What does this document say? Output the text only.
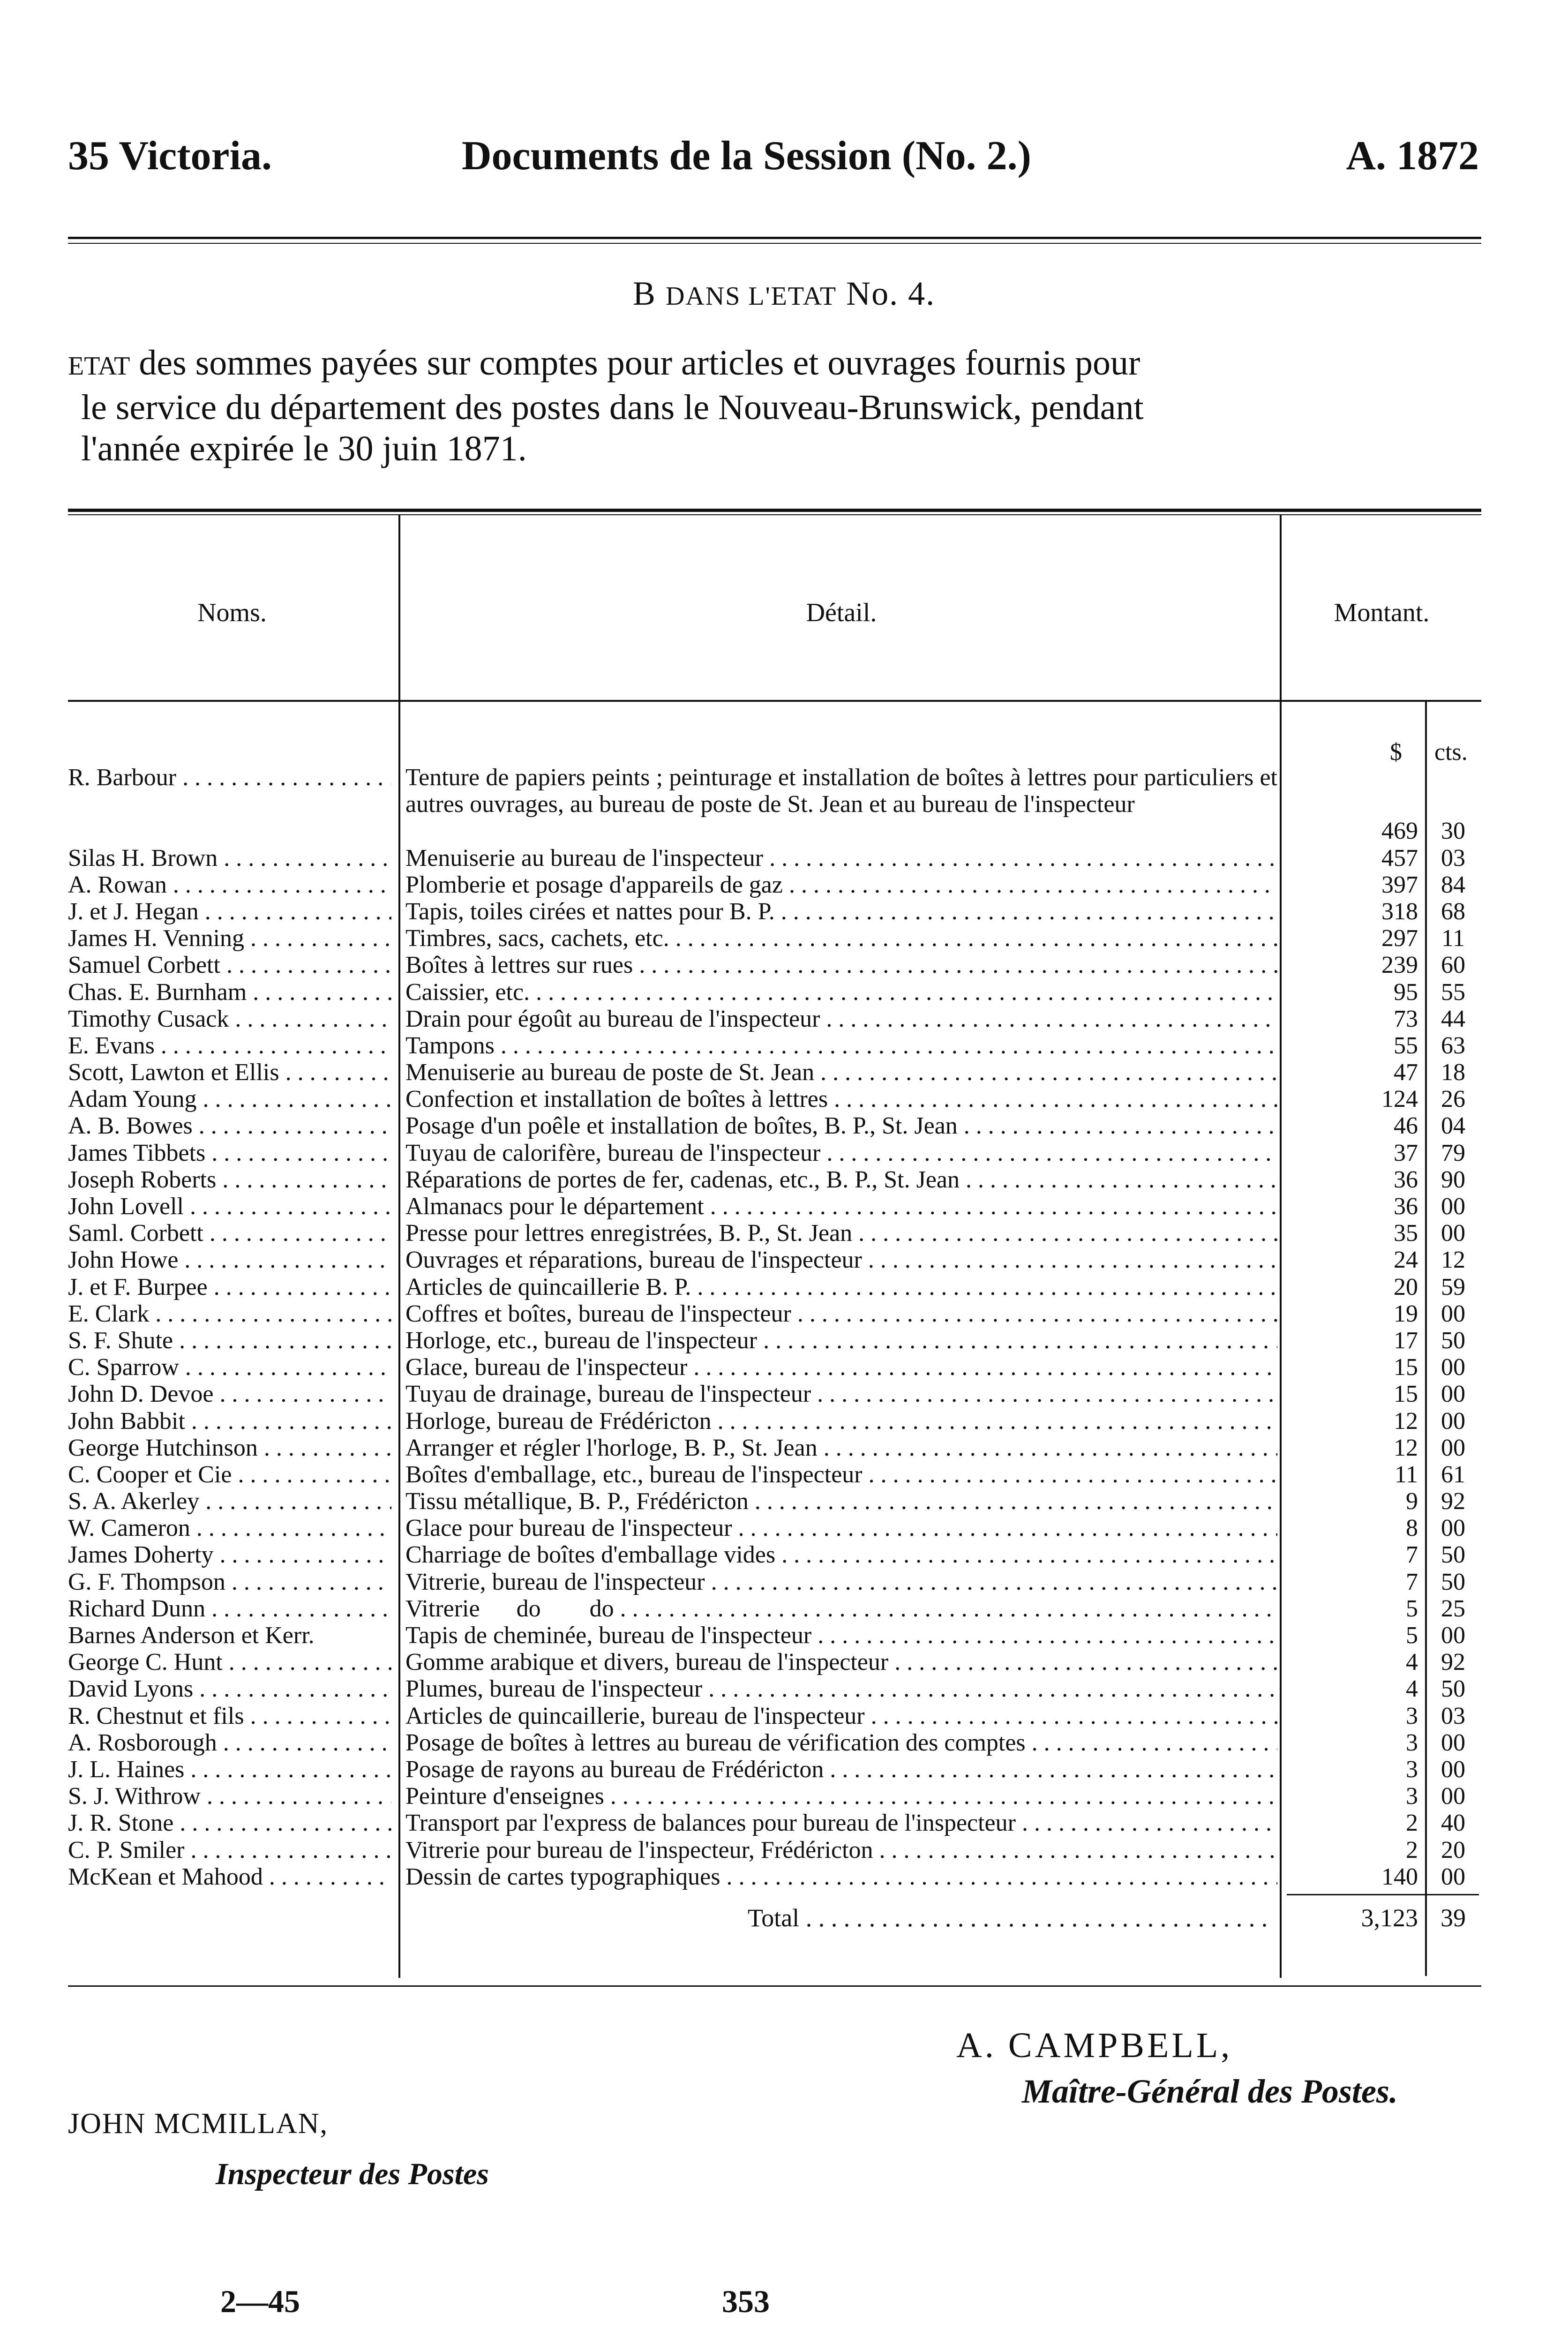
35 Victoria.	Documents de la Session (No. 2.)	A. 1872
B DANS L'ETAT No. 4.

ETAT des sommes payées sur comptes pour articles et ouvrages fournis pour

le service du département des postes dans le Nouveau-Brunswick, pendant

l'année expirée le 30 juin 1871.

Noms.	Détail.	Montant.
$ cts.
R. Barbour . . .	Tenture de papiers peints ; peinturage et installation de boîtes à lettres pour particuliers et autres ouvrages, au bureau de poste de St. Jean et au bureau de l'inspecteur
469 30
Silas H. Brown . . .	Menuiserie au bureau de l'inspecteur . . .	457 03
A. Rowan . . .	Plomberie et posage d'appareils de gaz . . .	397 84
J. et J. Hegan . . .	Tapis, toiles cirées et nattes pour B. P. . . .	318 68
James H. Venning . . .	Timbres, sacs, cachets, etc. . . .	297 11
Samuel Corbett . . .	Boîtes à lettres sur rues . . .	239 60
Chas. E. Burnham . . .	Caissier, etc. . . .	95 55
Timothy Cusack . . .	Drain pour égoût au bureau de l'inspecteur . . .	73 44
E. Evans . . .	Tampons . . .	55 63
Scott, Lawton et Ellis . . .	Menuiserie au bureau de poste de St. Jean . . .	47 18
Adam Young . . .	Confection et installation de boîtes à lettres . . .	124 26
A. B. Bowes . . .	Posage d'un poêle et installation de boîtes, B. P., St. Jean . . .	46 04
James Tibbets . . .	Tuyau de calorifère, bureau de l'inspecteur . . .	37 79
Joseph Roberts . . .	Réparations de portes de fer, cadenas, etc., B. P., St. Jean . . .	36 90
John Lovell . . .	Almanacs pour le département . . .	36 00
Saml. Corbett . . .	Presse pour lettres enregistrées, B. P., St. Jean . . .	35 00
John Howe . . .	Ouvrages et réparations, bureau de l'inspecteur . . .	24 12
J. et F. Burpee . . .	Articles de quincaillerie B. P. . . .	20 59
E. Clark . . .	Coffres et boîtes, bureau de l'inspecteur . . .	19 00
S. F. Shute . . .	Horloge, etc., bureau de l'inspecteur . . .	17 50
C. Sparrow . . .	Glace, bureau de l'inspecteur . . .	15 00
John D. Devoe . . .	Tuyau de drainage, bureau de l'inspecteur . . .	15 00
John Babbit . . .	Horloge, bureau de Frédéricton . . .	12 00
George Hutchinson . . .	Arranger et régler l'horloge, B. P., St. Jean . . .	12 00
C. Cooper et Cie . . .	Boîtes d'emballage, etc., bureau de l'inspecteur . . .	11 61
S. A. Akerley . . .	Tissu métallique, B. P., Frédéricton . . .	9 92
W. Cameron . . .	Glace pour bureau de l'inspecteur . . .	8 00
James Doherty . . .	Charriage de boîtes d'emballage vides . . .	7 50
G. F. Thompson . . .	Vitrerie, bureau de l'inspecteur . . .	7 50
Richard Dunn . . .	Vitrerie      do        do . . .	5 25
Barnes Anderson et Kerr.	Tapis de cheminée, bureau de l'inspecteur . . .	5 00
George C. Hunt . . .	Gomme arabique et divers, bureau de l'inspecteur . . .	4 92
David Lyons . . .	Plumes, bureau de l'inspecteur . . .	4 50
R. Chestnut et fils . . .	Articles de quincaillerie, bureau de l'inspecteur . . .	3 03
A. Rosborough . . .	Posage de boîtes à lettres au bureau de vérification des comptes . . .	3 00
J. L. Haines . . .	Posage de rayons au bureau de Frédéricton . . .	3 00
S. J. Withrow . . .	Peinture d'enseignes . . .	3 00
J. R. Stone . . .	Transport par l'express de balances pour bureau de l'inspecteur . . .	2 40
C. P. Smiler . . .	Vitrerie pour bureau de l'inspecteur, Frédéricton . . .	2 20
McKean et Mahood . . .	Dessin de cartes typographiques . . .	140 00
Total . . .	3,123 39
A. CAMPBELL,
Maître-Général des Postes.
JOHN MCMILLAN,
Inspecteur des Postes
2—45	353
